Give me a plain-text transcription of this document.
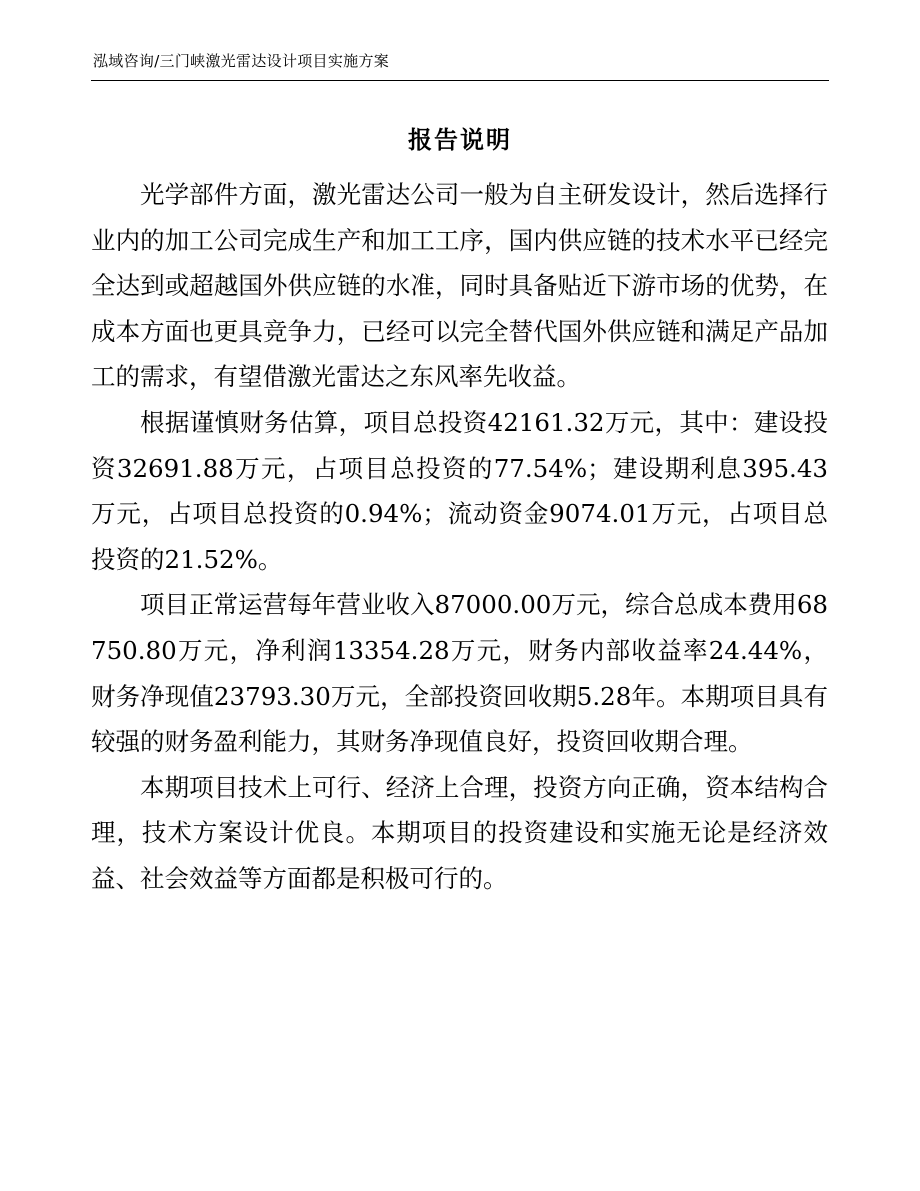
泓域咨询/三门峡激光雷达设计项目实施方案
报告说明

光学部件方面，激光雷达公司一般为自主研发设计，然后选择行业内的加工公司完成生产和加工工序，国内供应链的技术水平已经完全达到或超越国外供应链的水准，同时具备贴近下游市场的优势，在成本方面也更具竞争力，已经可以完全替代国外供应链和满足产品加工的需求，有望借激光雷达之东风率先收益。

根据谨慎财务估算，项目总投资42161.32万元，其中：建设投资32691.88万元，占项目总投资的77.54%；建设期利息395.43万元，占项目总投资的0.94%；流动资金9074.01万元，占项目总投资的21.52%。

项目正常运营每年营业收入87000.00万元，综合总成本费用68750.80万元，净利润13354.28万元，财务内部收益率24.44%，财务净现值23793.30万元，全部投资回收期5.28年。本期项目具有较强的财务盈利能力，其财务净现值良好，投资回收期合理。

本期项目技术上可行、经济上合理，投资方向正确，资本结构合理，技术方案设计优良。本期项目的投资建设和实施无论是经济效益、社会效益等方面都是积极可行的。
